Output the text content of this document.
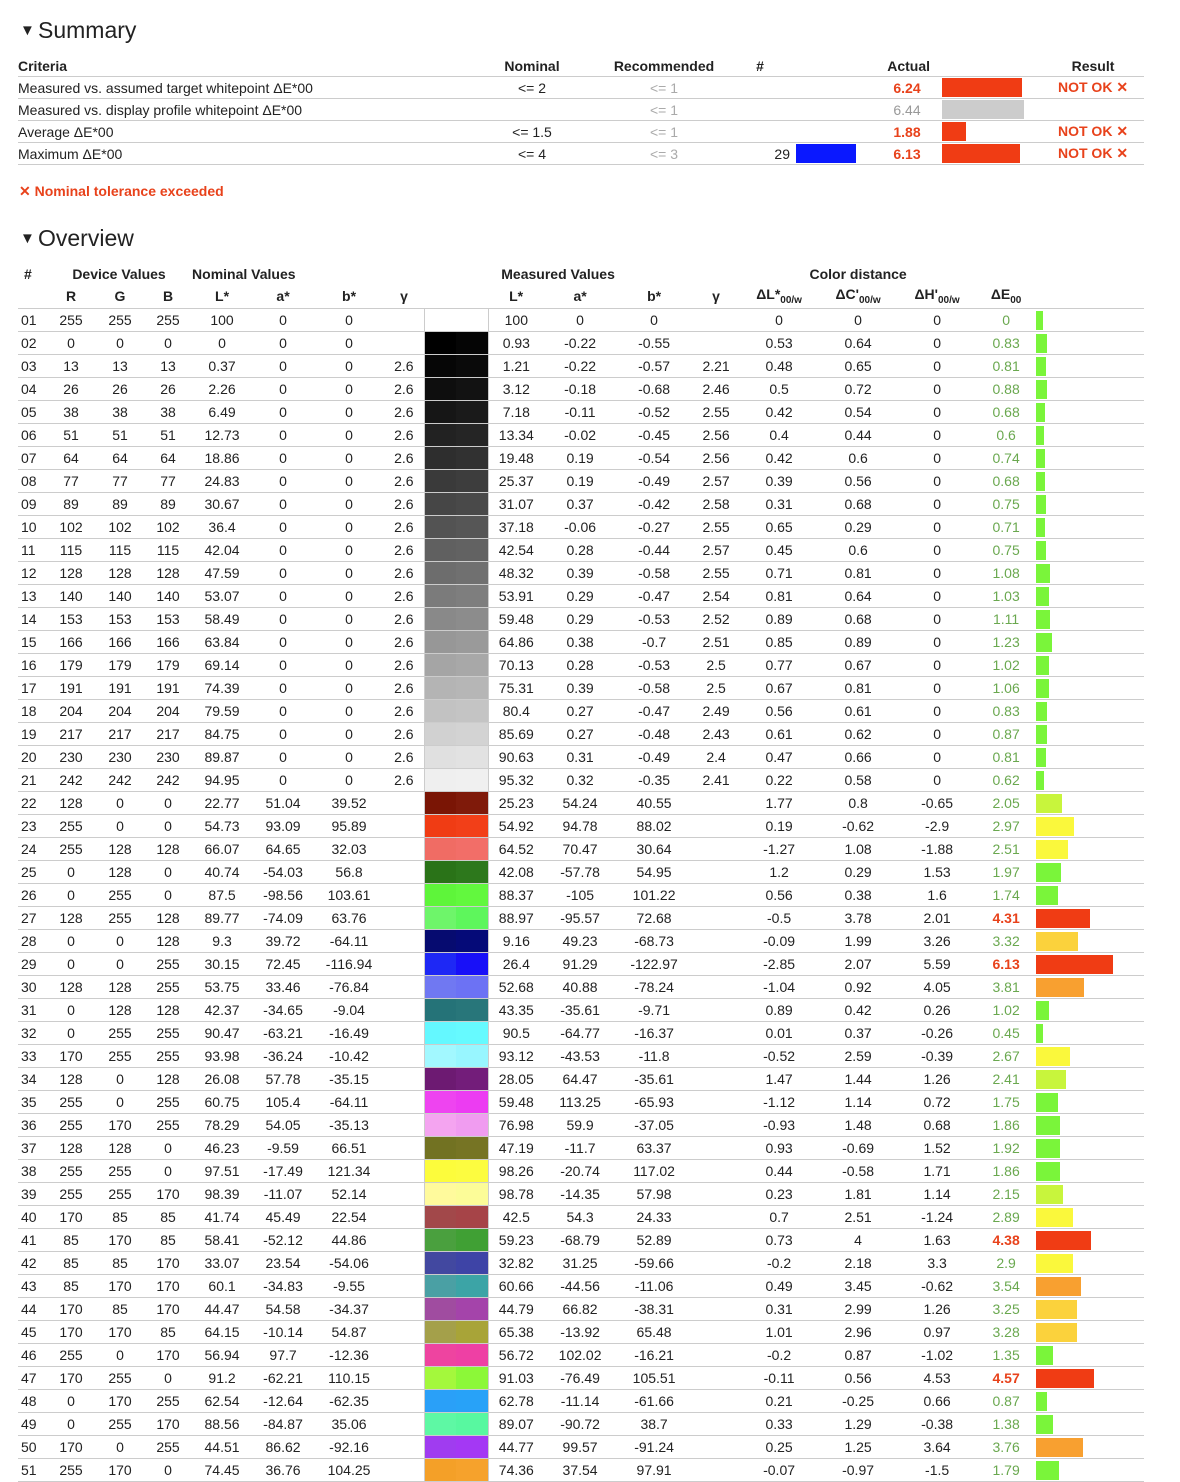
▼ Summary
Criteria	Nominal	Recommended	#	Actual			Result
Measured vs. assumed target whitepoint ΔE*00	<= 2	<= 1			6.24		NOT OK ✕
Measured vs. display profile whitepoint ΔE*00		<= 1			6.44	

Average ΔE*00	<= 1.5	<= 1			1.88		NOT OK ✕
Maximum ΔE*00	<= 4	<= 3	29		6.13		NOT OK ✕
✕ Nominal tolerance exceeded
▼ Overview
#	Device Values			Nominal Values				Measured Values					Color distance				
	R	G	B	L*	a*	b*	γ		L*	a*	b*	γ	$\Delta L*_{00/w}$	$\Delta C'_{00/w}$	$\Delta H'_{00/w}$	$\Delta E_{00}$	
01	255	255	255	100	0	0			100	0	0		0	0	0	0	

02	0	0	0	0	0	0			0.93	-0.22	-0.55		0.53	0.64	0	0.83	

03	13	13	13	0.37	0	0	2.6		1.21	-0.22	-0.57	2.21	0.48	0.65	0	0.81	

04	26	26	26	2.26	0	0	2.6		3.12	-0.18	-0.68	2.46	0.5	0.72	0	0.88	

05	38	38	38	6.49	0	0	2.6		7.18	-0.11	-0.52	2.55	0.42	0.54	0	0.68	

06	51	51	51	12.73	0	0	2.6		13.34	-0.02	-0.45	2.56	0.4	0.44	0	0.6	

07	64	64	64	18.86	0	0	2.6		19.48	0.19	-0.54	2.56	0.42	0.6	0	0.74	

08	77	77	77	24.83	0	0	2.6		25.37	0.19	-0.49	2.57	0.39	0.56	0	0.68	

09	89	89	89	30.67	0	0	2.6		31.07	0.37	-0.42	2.58	0.31	0.68	0	0.75	

10	102	102	102	36.4	0	0	2.6		37.18	-0.06	-0.27	2.55	0.65	0.29	0	0.71	

11	115	115	115	42.04	0	0	2.6		42.54	0.28	-0.44	2.57	0.45	0.6	0	0.75	

12	128	128	128	47.59	0	0	2.6		48.32	0.39	-0.58	2.55	0.71	0.81	0	1.08	

13	140	140	140	53.07	0	0	2.6		53.91	0.29	-0.47	2.54	0.81	0.64	0	1.03	

14	153	153	153	58.49	0	0	2.6		59.48	0.29	-0.53	2.52	0.89	0.68	0	1.11	

15	166	166	166	63.84	0	0	2.6		64.86	0.38	-0.7	2.51	0.85	0.89	0	1.23	

16	179	179	179	69.14	0	0	2.6		70.13	0.28	-0.53	2.5	0.77	0.67	0	1.02	

17	191	191	191	74.39	0	0	2.6		75.31	0.39	-0.58	2.5	0.67	0.81	0	1.06	

18	204	204	204	79.59	0	0	2.6		80.4	0.27	-0.47	2.49	0.56	0.61	0	0.83	

19	217	217	217	84.75	0	0	2.6		85.69	0.27	-0.48	2.43	0.61	0.62	0	0.87	

20	230	230	230	89.87	0	0	2.6		90.63	0.31	-0.49	2.4	0.47	0.66	0	0.81	

21	242	242	242	94.95	0	0	2.6		95.32	0.32	-0.35	2.41	0.22	0.58	0	0.62	

22	128	0	0	22.77	51.04	39.52			25.23	54.24	40.55		1.77	0.8	-0.65	2.05	

23	255	0	0	54.73	93.09	95.89			54.92	94.78	88.02		0.19	-0.62	-2.9	2.97	

24	255	128	128	66.07	64.65	32.03			64.52	70.47	30.64		-1.27	1.08	-1.88	2.51	

25	0	128	0	40.74	-54.03	56.8			42.08	-57.78	54.95		1.2	0.29	1.53	1.97	

26	0	255	0	87.5	-98.56	103.61			88.37	-105	101.22		0.56	0.38	1.6	1.74	

27	128	255	128	89.77	-74.09	63.76			88.97	-95.57	72.68		-0.5	3.78	2.01	4.31	

28	0	0	128	9.3	39.72	-64.11			9.16	49.23	-68.73		-0.09	1.99	3.26	3.32	

29	0	0	255	30.15	72.45	-116.94			26.4	91.29	-122.97		-2.85	2.07	5.59	6.13	

30	128	128	255	53.75	33.46	-76.84			52.68	40.88	-78.24		-1.04	0.92	4.05	3.81	

31	0	128	128	42.37	-34.65	-9.04			43.35	-35.61	-9.71		0.89	0.42	0.26	1.02	

32	0	255	255	90.47	-63.21	-16.49			90.5	-64.77	-16.37		0.01	0.37	-0.26	0.45	

33	170	255	255	93.98	-36.24	-10.42			93.12	-43.53	-11.8		-0.52	2.59	-0.39	2.67	

34	128	0	128	26.08	57.78	-35.15			28.05	64.47	-35.61		1.47	1.44	1.26	2.41	

35	255	0	255	60.75	105.4	-64.11			59.48	113.25	-65.93		-1.12	1.14	0.72	1.75	

36	255	170	255	78.29	54.05	-35.13			76.98	59.9	-37.05		-0.93	1.48	0.68	1.86	

37	128	128	0	46.23	-9.59	66.51			47.19	-11.7	63.37		0.93	-0.69	1.52	1.92	

38	255	255	0	97.51	-17.49	121.34			98.26	-20.74	117.02		0.44	-0.58	1.71	1.86	

39	255	255	170	98.39	-11.07	52.14			98.78	-14.35	57.98		0.23	1.81	1.14	2.15	

40	170	85	85	41.74	45.49	22.54			42.5	54.3	24.33		0.7	2.51	-1.24	2.89	

41	85	170	85	58.41	-52.12	44.86			59.23	-68.79	52.89		0.73	4	1.63	4.38	

42	85	85	170	33.07	23.54	-54.06			32.82	31.25	-59.66		-0.2	2.18	3.3	2.9	

43	85	170	170	60.1	-34.83	-9.55			60.66	-44.56	-11.06		0.49	3.45	-0.62	3.54	

44	170	85	170	44.47	54.58	-34.37			44.79	66.82	-38.31		0.31	2.99	1.26	3.25	

45	170	170	85	64.15	-10.14	54.87			65.38	-13.92	65.48		1.01	2.96	0.97	3.28	

46	255	0	170	56.94	97.7	-12.36			56.72	102.02	-16.21		-0.2	0.87	-1.02	1.35	

47	170	255	0	91.2	-62.21	110.15			91.03	-76.49	105.51		-0.11	0.56	4.53	4.57	

48	0	170	255	62.54	-12.64	-62.35			62.78	-11.14	-61.66		0.21	-0.25	0.66	0.87	

49	0	255	170	88.56	-84.87	35.06			89.07	-90.72	38.7		0.33	1.29	-0.38	1.38	

50	170	0	255	44.51	86.62	-92.16			44.77	99.57	-91.24		0.25	1.25	3.64	3.76	

51	255	170	0	74.45	36.76	104.25			74.36	37.54	97.91		-0.07	-0.97	-1.5	1.79	
